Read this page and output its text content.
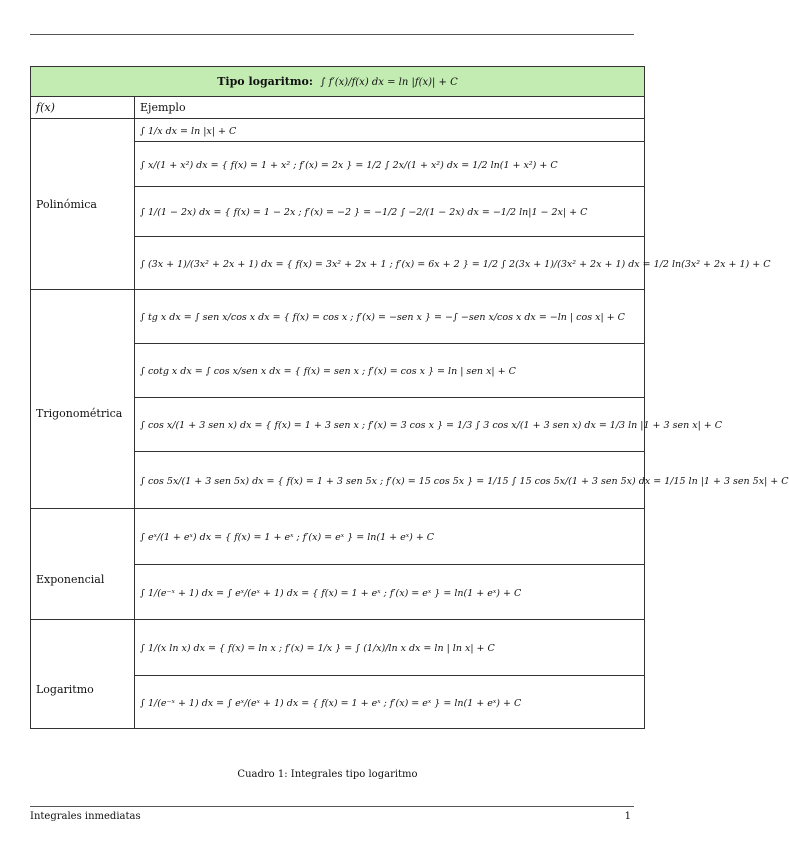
Tipo logaritmo: ∫ f′(x)/f(x) dx = ln |f(x)| + C	
f(x)	Ejemplo
Polinómica	∫ 1/x dx = ln |x| + C
	∫ x/(1 + x²) dx = { f(x) = 1 + x² ; f′(x) = 2x } = 1/2 ∫ 2x/(1 + x²) dx = 1/2 ln(1 + x²) + C
	∫ 1/(1 − 2x) dx = { f(x) = 1 − 2x ; f′(x) = −2 } = −1/2 ∫ −2/(1 − 2x) dx = −1/2 ln|1 − 2x| + C
	∫ (3x + 1)/(3x² + 2x + 1) dx = { f(x) = 3x² + 2x + 1 ; f′(x) = 6x + 2 } = 1/2 ∫ 2(3x + 1)/(3x² + 2x + 1) dx = 1/2 ln(3x² + 2x + 1) + C
Trigonométrica	∫ tg x dx = ∫ sen x/cos x dx = { f(x) = cos x ; f′(x) = −sen x } = −∫ −sen x/cos x dx = −ln | cos x| + C
	∫ cotg x dx = ∫ cos x/sen x dx = { f(x) = sen x ; f′(x) = cos x } = ln | sen x| + C
	∫ cos x/(1 + 3 sen x) dx = { f(x) = 1 + 3 sen x ; f′(x) = 3 cos x } = 1/3 ∫ 3 cos x/(1 + 3 sen x) dx = 1/3 ln |1 + 3 sen x| + C
	∫ cos 5x/(1 + 3 sen 5x) dx = { f(x) = 1 + 3 sen 5x ; f′(x) = 15 cos 5x } = 1/15 ∫ 15 cos 5x/(1 + 3 sen 5x) dx = 1/15 ln |1 + 3 sen 5x| + C
Exponencial	∫ eˣ/(1 + eˣ) dx = { f(x) = 1 + eˣ ; f′(x) = eˣ } = ln(1 + eˣ) + C
	∫ 1/(e⁻ˣ + 1) dx = ∫ eˣ/(eˣ + 1) dx = { f(x) = 1 + eˣ ; f′(x) = eˣ } = ln(1 + eˣ) + C
Logaritmo	∫ 1/(x ln x) dx = { f(x) = ln x ; f′(x) = 1/x } = ∫ (1/x)/ln x dx = ln | ln x| + C
	∫ 1/(e⁻ˣ + 1) dx = ∫ eˣ/(eˣ + 1) dx = { f(x) = 1 + eˣ ; f′(x) = eˣ } = ln(1 + eˣ) + C
Cuadro 1: Integrales tipo logaritmo
Integrales inmediatas	1
